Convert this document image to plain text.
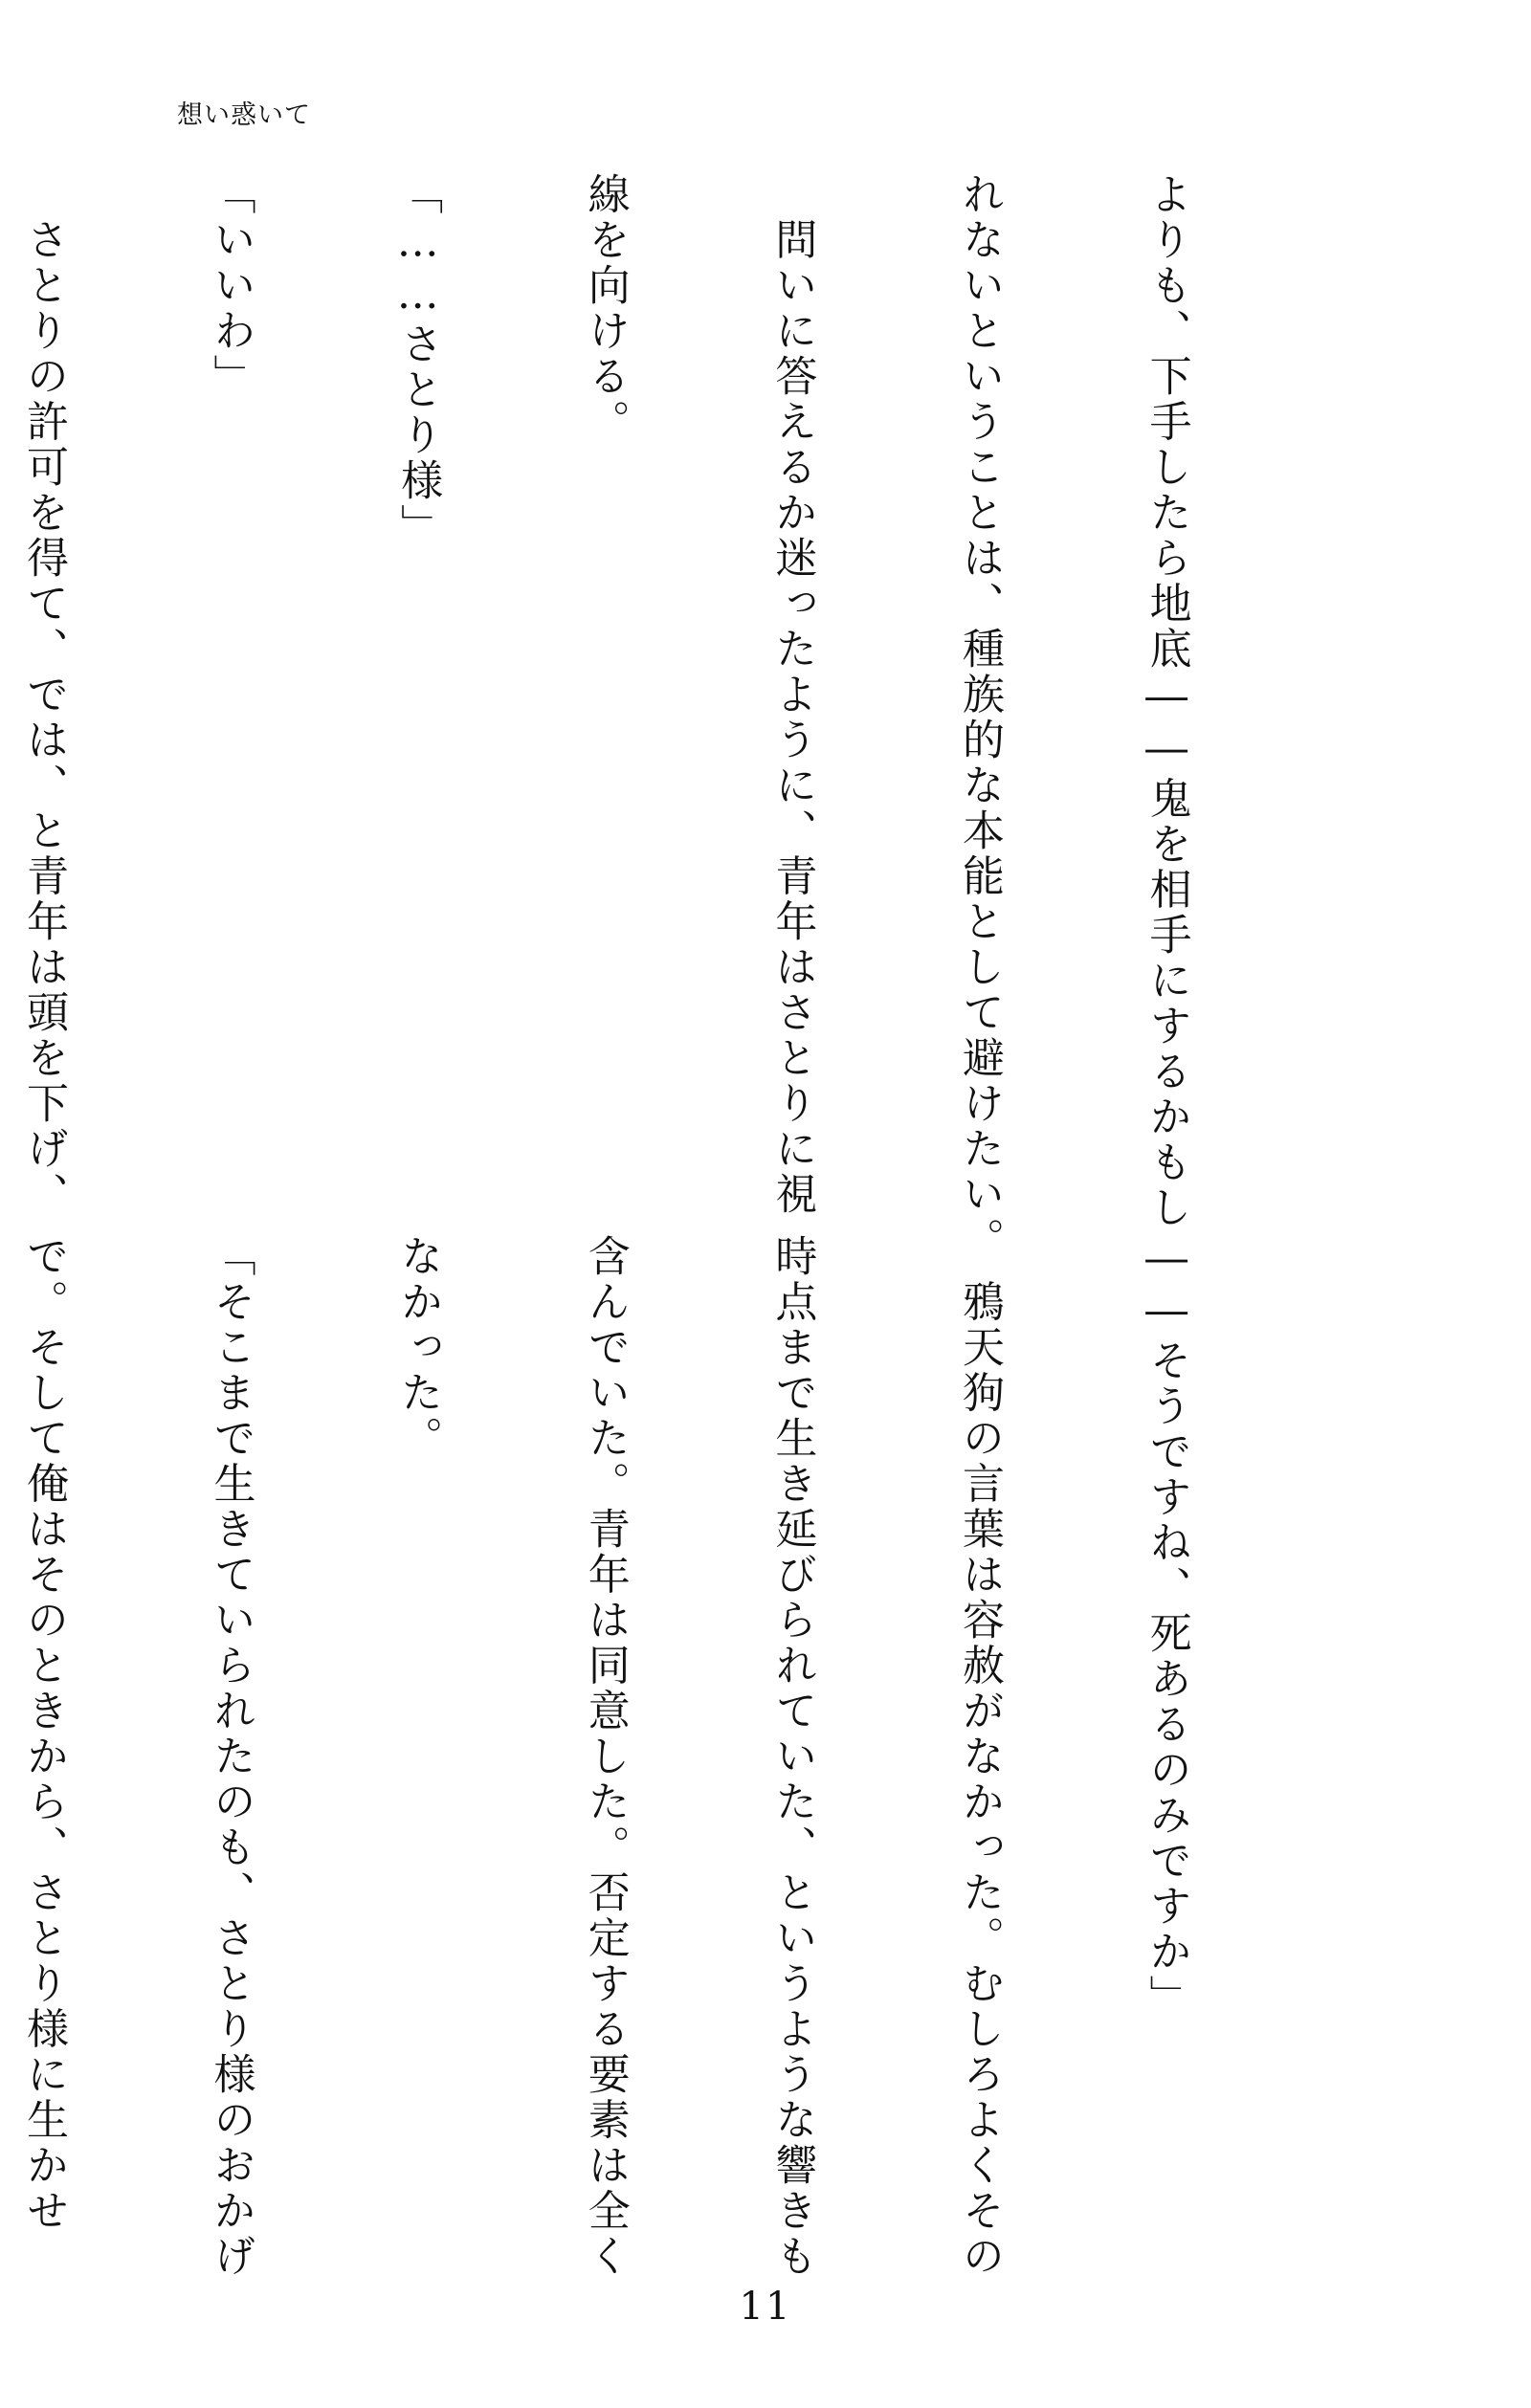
想い惑いて

よりも、下手したら地底――鬼を相手にするかもし

れないということは、種族的な本能として避けたい。

　問いに答えるか迷ったように、青年はさとりに視

線を向ける。

「……さとり様」

「いいわ」

　さとりの許可を得て、では、と青年は頭を下げ、

――そうですね、死あるのみですか」

　鴉天狗の言葉は容赦がなかった。むしろよくその

時点まで生き延びられていた、というような響きも

含んでいた。青年は同意した。否定する要素は全く

なかった。

「そこまで生きていられたのも、さとり様のおかげ

で。そして俺はそのときから、さとり様に生かせ

11
